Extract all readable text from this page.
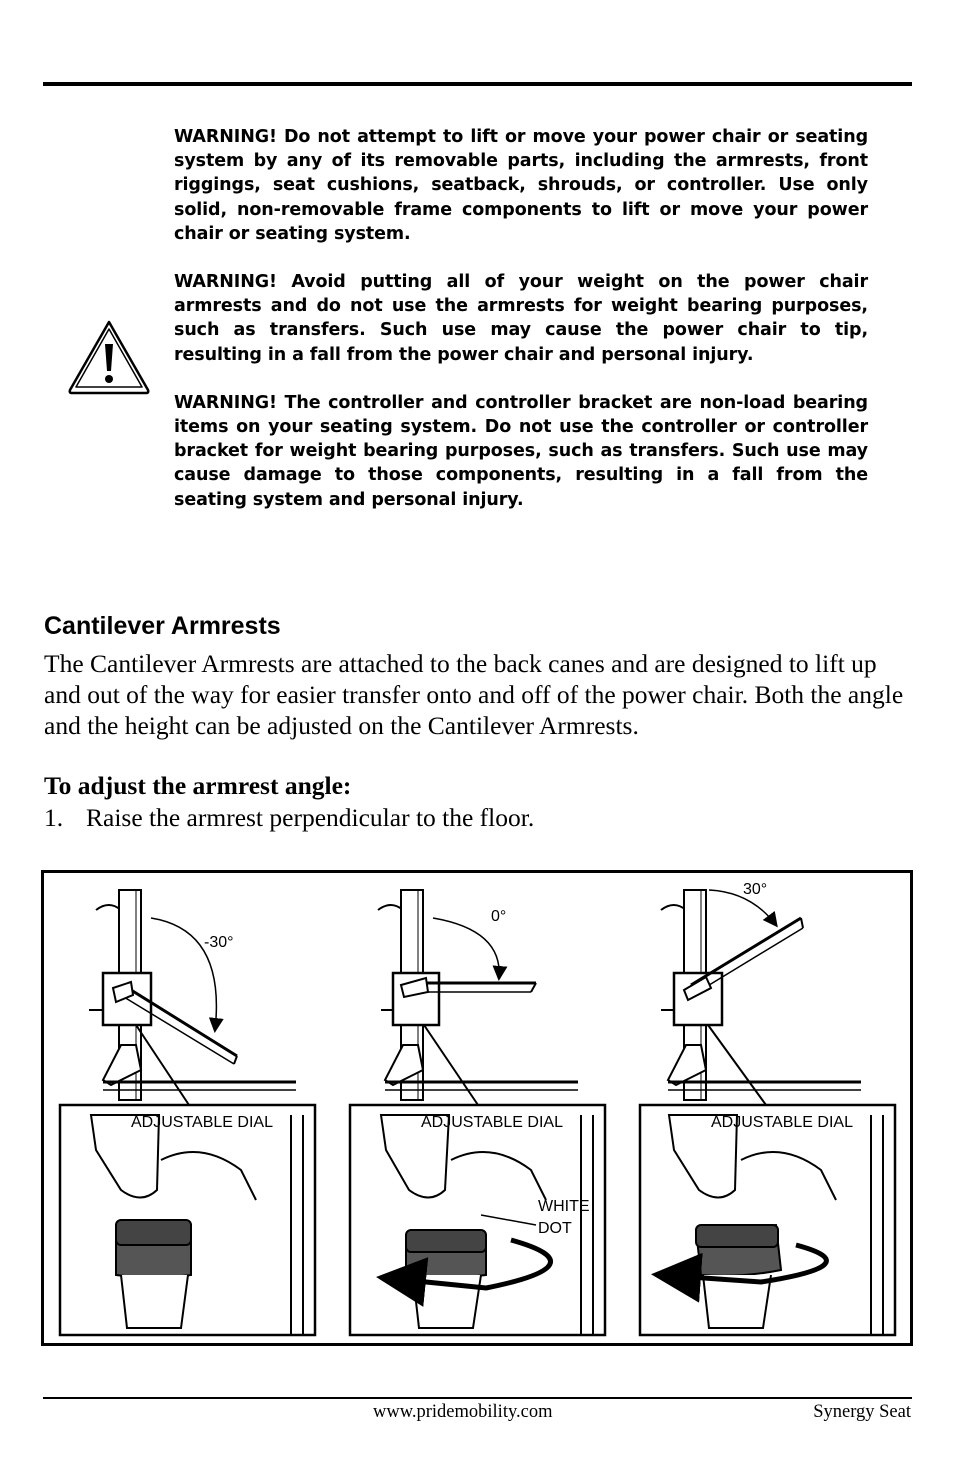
WARNING! Do not attempt to lift or move your power chair or seating system by any of its removable parts, including the armrests, front riggings, seat cushions, seatback, shrouds, or controller. Use only solid, non-removable frame components to lift or move your power chair or seating system.

WARNING! Avoid putting all of your weight on the power chair armrests and do not use the armrests for weight bearing purposes, such as transfers. Such use may cause the power chair to tip, resulting in a fall from the power chair and personal injury.

WARNING! The controller and controller bracket are non-load bearing items on your seating system. Do not use the controller or controller bracket for weight bearing purposes, such as transfers. Such use may cause damage to those components, resulting in a fall from the seating system and personal injury.

Cantilever Armrests

The Cantilever Armrests are attached to the back canes and are designed to lift up and out of the way for easier transfer onto and off of the power chair. Both the angle and the height can be adjusted on the Cantilever Armrests.

To adjust the armrest angle:
1. Raise the armrest perpendicular to the floor.
-30°
ADJUSTABLE DIAL
0°
WHITE
DOT
ADJUSTABLE DIAL
30°
ADJUSTABLE DIAL
www.pridemobility.com	Synergy Seat
